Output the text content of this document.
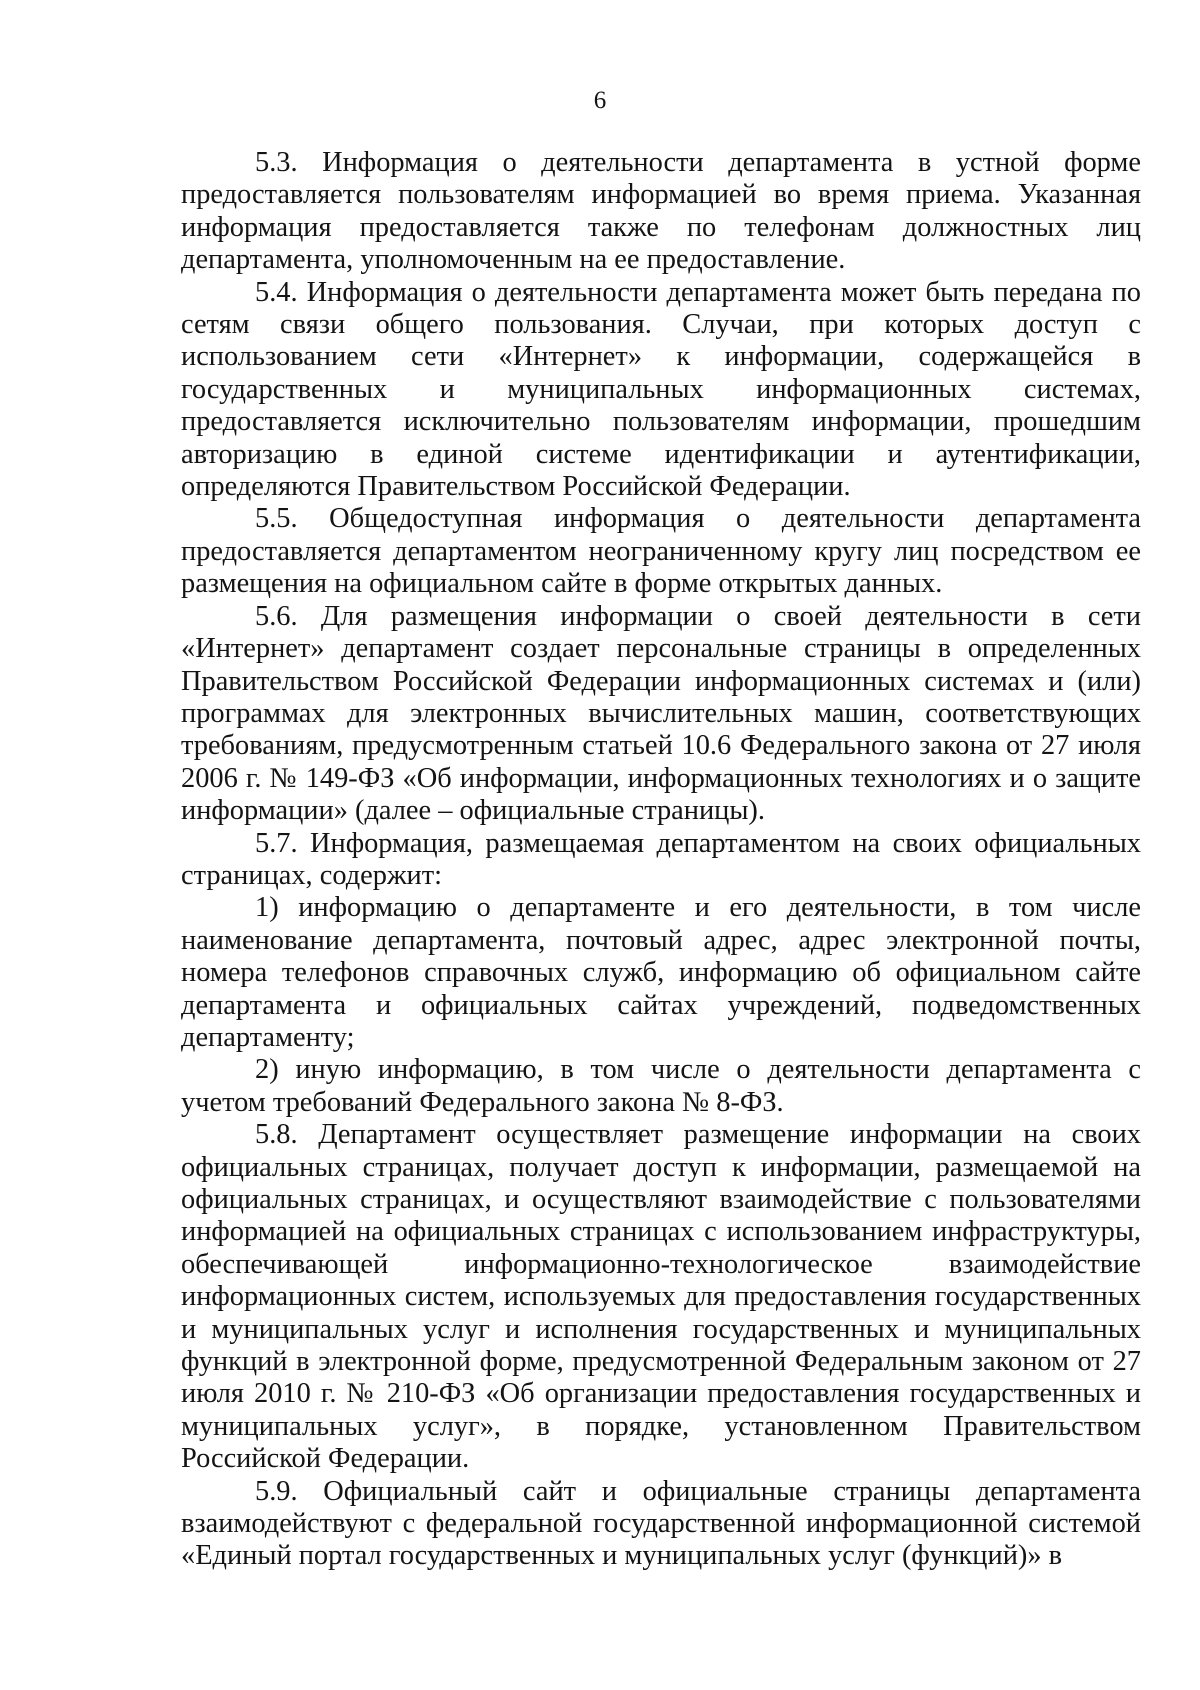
6

5.3. Информация о деятельности департамента в устной форме предоставляется пользователям информацией во время приема. Указанная информация предоставляется также по телефонам должностных лиц департамента, уполномоченным на ее предоставление.

5.4. Информация о деятельности департамента может быть передана по сетям связи общего пользования. Случаи, при которых доступ с использованием сети «Интернет» к информации, содержащейся в государственных и муниципальных информационных системах, предоставляется исключительно пользователям информации, прошедшим авторизацию в единой системе идентификации и аутентификации, определяются Правительством Российской Федерации.

5.5. Общедоступная информация о деятельности департамента предоставляется департаментом неограниченному кругу лиц посредством ее размещения на официальном сайте в форме открытых данных.

5.6. Для размещения информации о своей деятельности в сети «Интернет» департамент создает персональные страницы в определенных Правительством Российской Федерации информационных системах и (или) программах для электронных вычислительных машин, соответствующих требованиям, предусмотренным статьей 10.6 Федерального закона от 27 июля 2006 г. № 149-ФЗ «Об информации, информационных технологиях и о защите информации» (далее – официальные страницы).

5.7. Информация, размещаемая департаментом на своих официальных страницах, содержит:

1) информацию о департаменте и его деятельности, в том числе наименование департамента, почтовый адрес, адрес электронной почты, номера телефонов справочных служб, информацию об официальном сайте департамента и официальных сайтах учреждений, подведомственных департаменту;

2) иную информацию, в том числе о деятельности департамента с учетом требований Федерального закона № 8-ФЗ.

5.8. Департамент осуществляет размещение информации на своих официальных страницах, получает доступ к информации, размещаемой на официальных страницах, и осуществляют взаимодействие с пользователями информацией на официальных страницах с использованием инфраструктуры, обеспечивающей информационно-технологическое взаимодействие информационных систем, используемых для предоставления государственных и муниципальных услуг и исполнения государственных и муниципальных функций в электронной форме, предусмотренной Федеральным законом от 27 июля 2010 г. № 210-ФЗ «Об организации предоставления государственных и муниципальных услуг», в порядке, установленном Правительством Российской Федерации.

5.9. Официальный сайт и официальные страницы департамента взаимодействуют с федеральной государственной информационной системой «Единый портал государственных и муниципальных услуг (функций)» в
